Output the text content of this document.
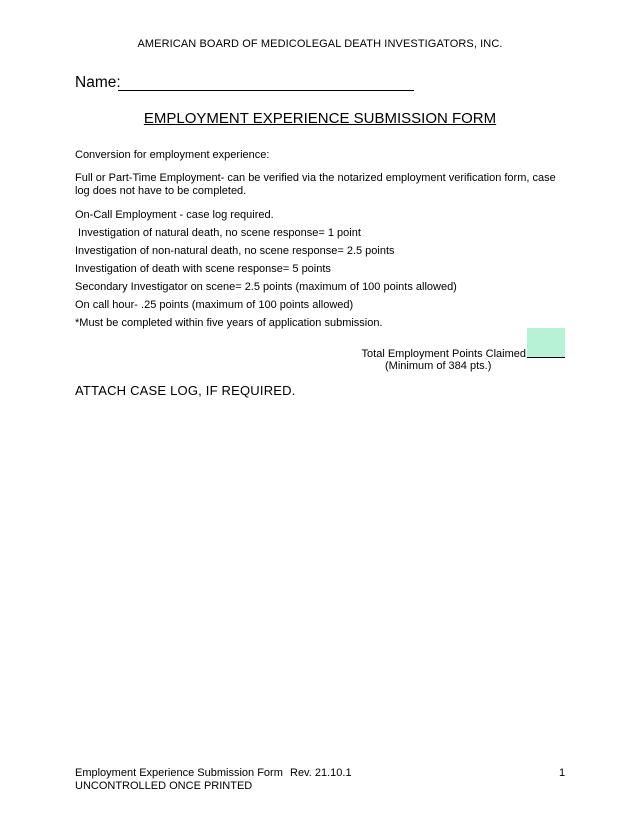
AMERICAN BOARD OF MEDICOLEGAL DEATH INVESTIGATORS, INC.
Name:
EMPLOYMENT EXPERIENCE SUBMISSION FORM
Conversion for employment experience:
Full or Part-Time Employment- can be verified via the notarized employment verification form, case log does not have to be completed.
On-Call Employment - case log required.
Investigation of natural death, no scene response= 1 point
Investigation of non-natural death, no scene response= 2.5 points
Investigation of death with scene response= 5 points
Secondary Investigator on scene= 2.5 points (maximum of 100 points allowed)
On call hour- .25 points (maximum of 100 points allowed)
*Must be completed within five years of application submission.
Total Employment Points Claimed
(Minimum of 384 pts.)
ATTACH CASE LOG, IF REQUIRED.
Employment Experience Submission Form Rev. 21.10.1	1
UNCONTROLLED ONCE PRINTED
